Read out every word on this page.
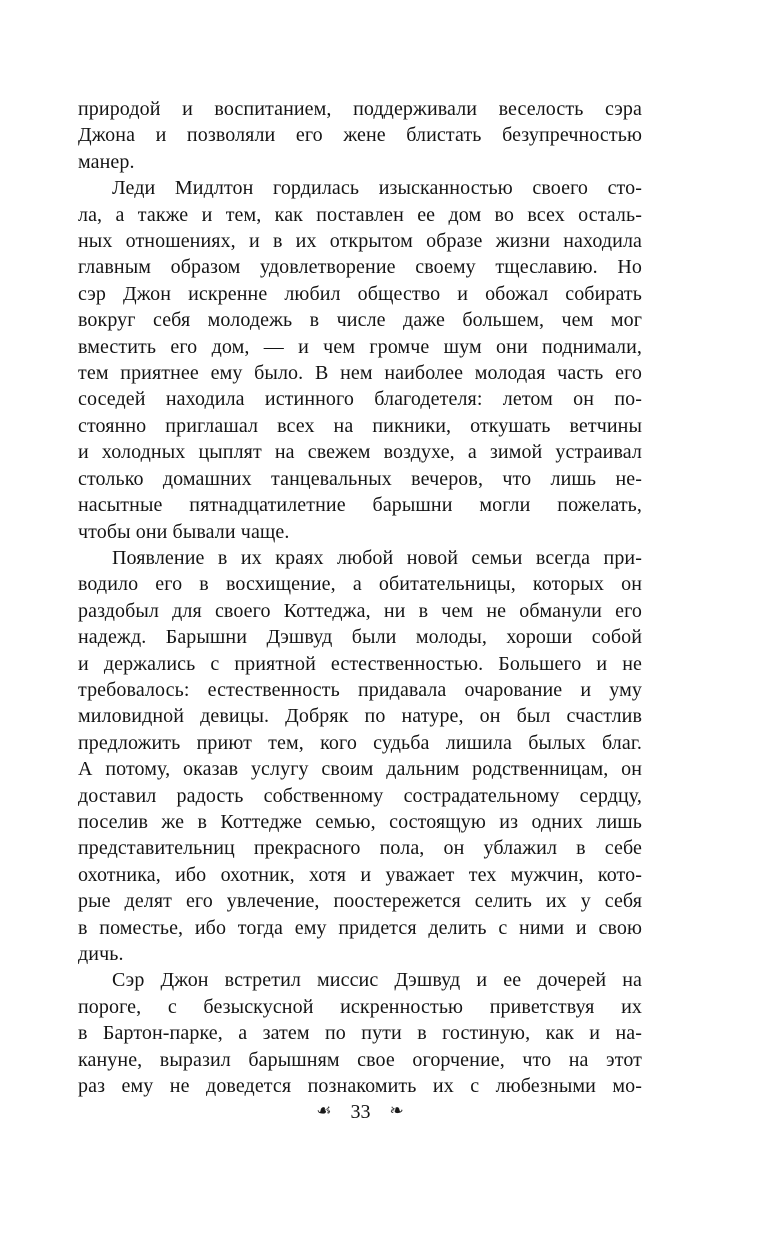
природой и воспитанием, поддерживали веселость сэра
Джона и позволяли его жене блистать безупречностью
манер.
Леди Мидлтон гордилась изысканностью своего сто-
ла, а также и тем, как поставлен ее дом во всех осталь-
ных отношениях, и в их открытом образе жизни находила
главным образом удовлетворение своему тщеславию. Но
сэр Джон искренне любил общество и обожал собирать
вокруг себя молодежь в числе даже большем, чем мог
вместить его дом, — и чем громче шум они поднимали,
тем приятнее ему было. В нем наиболее молодая часть его
соседей находила истинного благодетеля: летом он по-
стоянно приглашал всех на пикники, откушать ветчины
и холодных цыплят на свежем воздухе, а зимой устраивал
столько домашних танцевальных вечеров, что лишь не-
насытные пятнадцатилетние барышни могли пожелать,
чтобы они бывали чаще.
Появление в их краях любой новой семьи всегда при-
водило его в восхищение, а обитательницы, которых он
раздобыл для своего Коттеджа, ни в чем не обманули его
надежд. Барышни Дэшвуд были молоды, хороши собой
и держались с приятной естественностью. Большего и не
требовалось: естественность придавала очарование и уму
миловидной девицы. Добряк по натуре, он был счастлив
предложить приют тем, кого судьба лишила былых благ.
А потому, оказав услугу своим дальним родственницам, он
доставил радость собственному сострадательному сердцу,
поселив же в Коттедже семью, состоящую из одних лишь
представительниц прекрасного пола, он ублажил в себе
охотника, ибо охотник, хотя и уважает тех мужчин, кото-
рые делят его увлечение, поостережется селить их у себя
в поместье, ибо тогда ему придется делить с ними и свою
дичь.
Сэр Джон встретил миссис Дэшвуд и ее дочерей на
пороге, с безыскусной искренностью приветствуя их
в Бартон-парке, а затем по пути в гостиную, как и на-
кануне, выразил барышням свое огорчение, что на этот
раз ему не доведется познакомить их с любезными мо-
☙ 33 ❧
